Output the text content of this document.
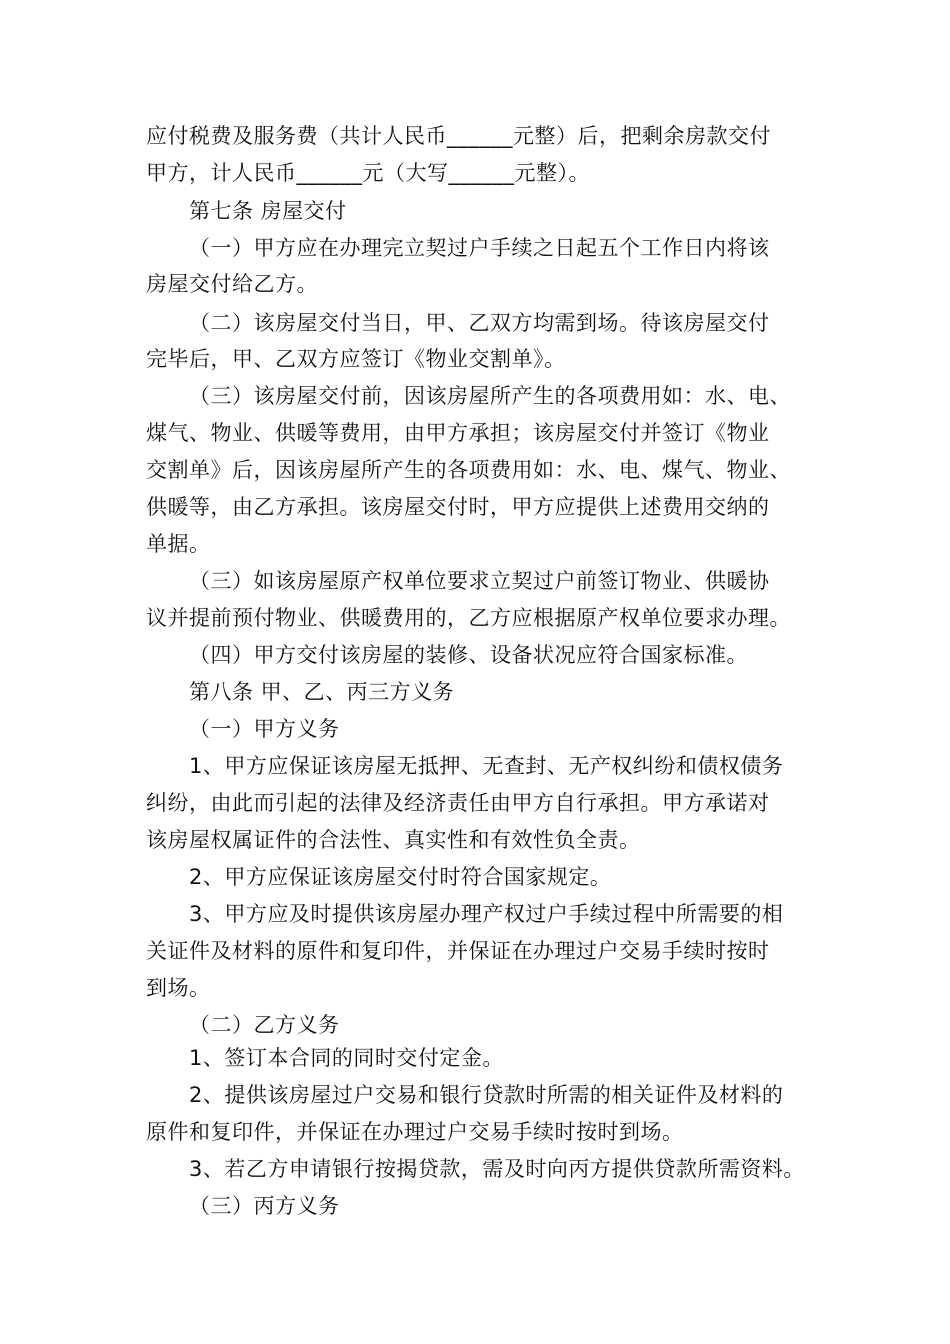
应付税费及服务费（共计人民币______元整）后，把剩余房款交付
甲方，计人民币______元（大写______元整）。
第七条 房屋交付
（一）甲方应在办理完立契过户手续之日起五个工作日内将该
房屋交付给乙方。
（二）该房屋交付当日，甲、乙双方均需到场。待该房屋交付
完毕后，甲、乙双方应签订《物业交割单》。
（三）该房屋交付前，因该房屋所产生的各项费用如：水、电、
煤气、物业、供暖等费用，由甲方承担；该房屋交付并签订《物业
交割单》后，因该房屋所产生的各项费用如：水、电、煤气、物业、
供暖等，由乙方承担。该房屋交付时，甲方应提供上述费用交纳的
单据。
（三）如该房屋原产权单位要求立契过户前签订物业、供暖协
议并提前预付物业、供暖费用的，乙方应根据原产权单位要求办理。
（四）甲方交付该房屋的装修、设备状况应符合国家标准。
第八条 甲、乙、丙三方义务
（一）甲方义务
1、甲方应保证该房屋无抵押、无查封、无产权纠纷和债权债务
纠纷，由此而引起的法律及经济责任由甲方自行承担。甲方承诺对
该房屋权属证件的合法性、真实性和有效性负全责。
2、甲方应保证该房屋交付时符合国家规定。
3、甲方应及时提供该房屋办理产权过户手续过程中所需要的相
关证件及材料的原件和复印件，并保证在办理过户交易手续时按时
到场。
（二）乙方义务
1、签订本合同的同时交付定金。
2、提供该房屋过户交易和银行贷款时所需的相关证件及材料的
原件和复印件，并保证在办理过户交易手续时按时到场。
3、若乙方申请银行按揭贷款，需及时向丙方提供贷款所需资料。
（三）丙方义务
